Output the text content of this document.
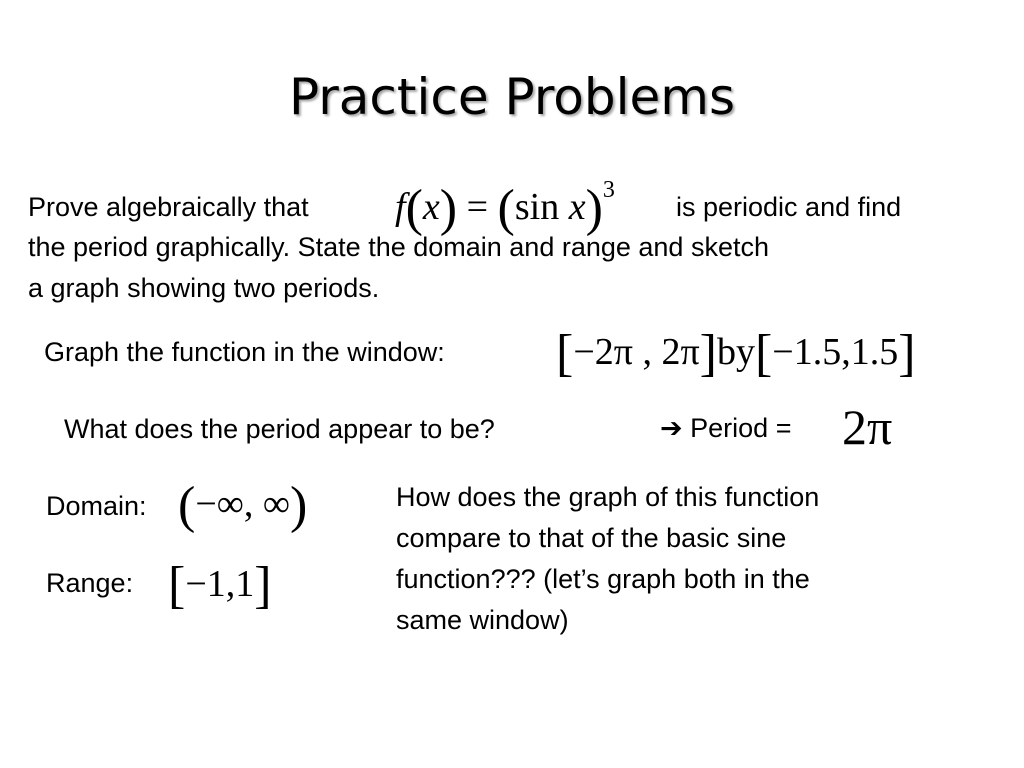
Practice Problems
Prove algebraically that f(x) = (sin x)$^3$
is periodic and find
the period graphically. State the domain and range and sketch
a graph showing two periods.
Graph the function in the window: [−2π , 2π]by[−1.5,1.5]
What does the period appear to be?	➔ Period = 2π
Domain: (−∞, ∞)
Range: [−1,1]
How does the graph of this function
compare to that of the basic sine
function??? (let’s graph both in the
same window)
